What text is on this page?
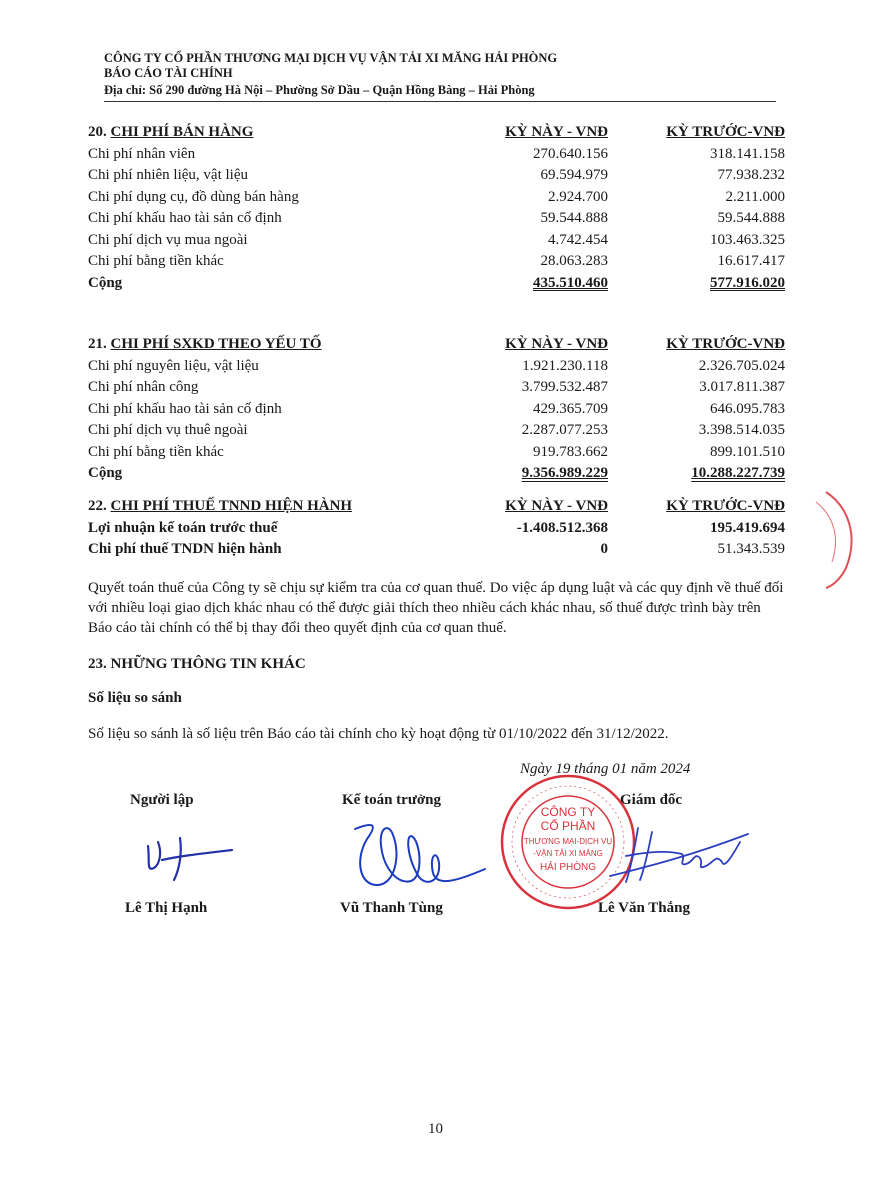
CÔNG TY CỔ PHẦN THƯƠNG MẠI DỊCH VỤ VẬN TẢI XI MĂNG HẢI PHÒNG
BÁO CÁO TÀI CHÍNH
Địa chỉ: Số 290 đường Hà Nội – Phường Sở Dầu – Quận Hồng Bàng – Hải Phòng
20. CHI PHÍ BÁN HÀNG	KỲ NÀY - VNĐ	KỲ TRƯỚC-VNĐ
Chi phí nhân viên	270.640.156	318.141.158
Chi phí nhiên liệu, vật liệu	69.594.979	77.938.232
Chi phí dụng cụ, đồ dùng bán hàng	2.924.700	2.211.000
Chi phí khấu hao tài sản cố định	59.544.888	59.544.888
Chi phí dịch vụ mua ngoài	4.742.454	103.463.325
Chi phí bằng tiền khác	28.063.283	16.617.417
Cộng	435.510.460	577.916.020
21. CHI PHÍ SXKD THEO YẾU TỐ	KỲ NÀY - VNĐ	KỲ TRƯỚC-VNĐ
Chi phí nguyên liệu, vật liệu	1.921.230.118	2.326.705.024
Chi phí nhân công	3.799.532.487	3.017.811.387
Chi phí khấu hao tài sản cố định	429.365.709	646.095.783
Chi phí dịch vụ thuê ngoài	2.287.077.253	3.398.514.035
Chi phí bằng tiền khác	919.783.662	899.101.510
Cộng	9.356.989.229	10.288.227.739
22. CHI PHÍ THUẾ TNND HIỆN HÀNH	KỲ NÀY - VNĐ	KỲ TRƯỚC-VNĐ
Lợi nhuận kế toán trước thuế	-1.408.512.368	195.419.694
Chi phí thuế TNDN hiện hành	0	51.343.539
Quyết toán thuế của Công ty sẽ chịu sự kiểm tra của cơ quan thuế. Do việc áp dụng luật và các quy định về thuế đối với nhiều loại giao dịch khác nhau có thể được giải thích theo nhiều cách khác nhau, số thuế được trình bày trên Báo cáo tài chính có thể bị thay đổi theo quyết định của cơ quan thuế.
23. NHỮNG THÔNG TIN KHÁC
Số liệu so sánh
Số liệu so sánh là số liệu trên Báo cáo tài chính cho kỳ hoạt động từ 01/10/2022 đến 31/12/2022.
Ngày 19 tháng 01 năm 2024
Người lập	Kế toán trưởng	Giám đốc
CÔNG TY
CỔ PHẦN
THƯƠNG MẠI-DỊCH VỤ
-VẬN TẢI XI MĂNG
HẢI PHÒNG
Lê Thị Hạnh	Vũ Thanh Tùng	Lê Văn Thắng
10
